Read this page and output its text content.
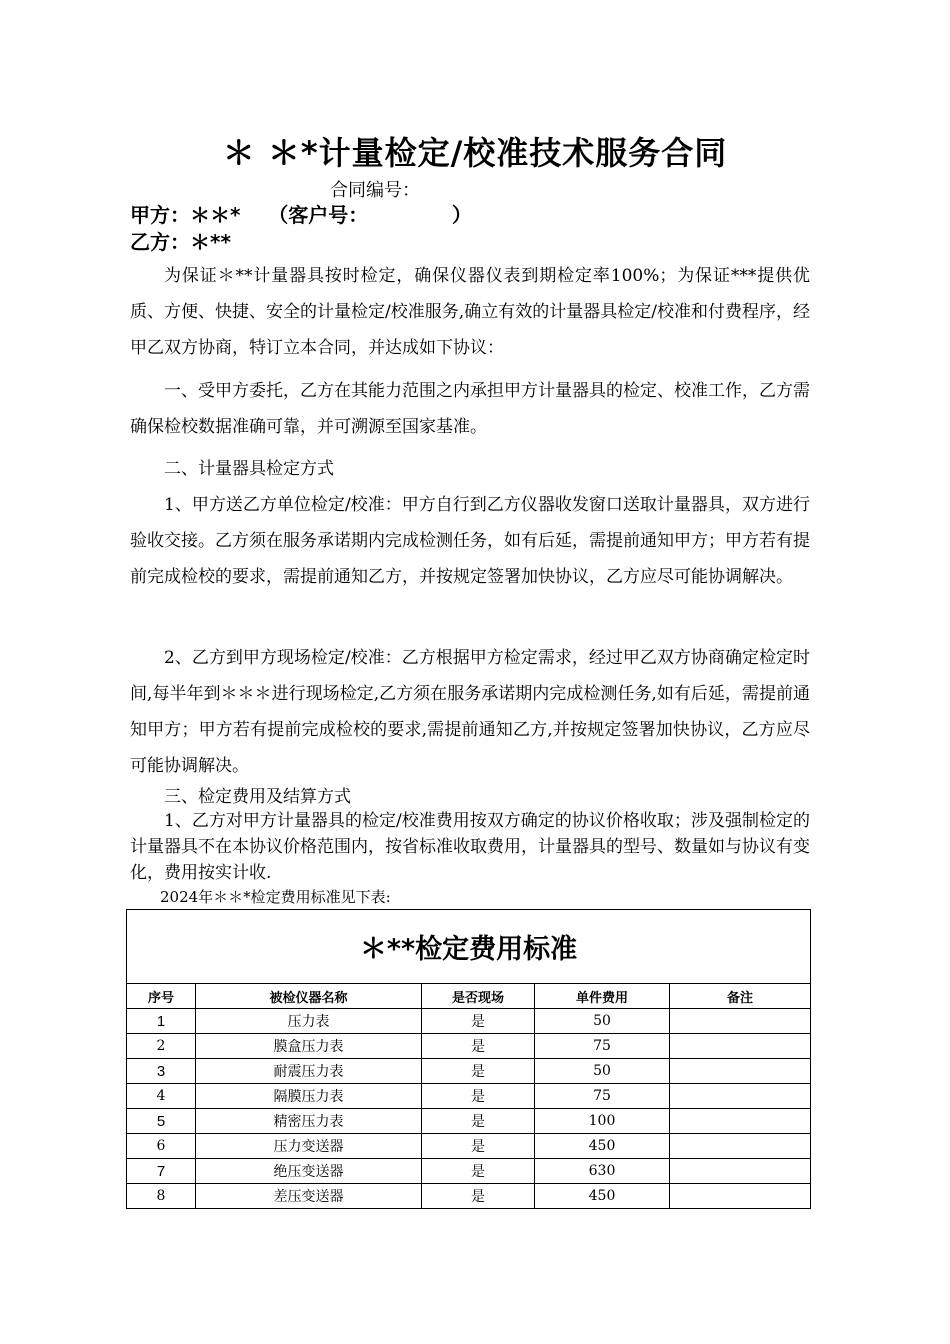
＊ ＊*计量检定/校准技术服务合同
合同编号：
甲方：＊＊*    （客户号：            ）
乙方：＊**

为保证＊**计量器具按时检定，确保仪器仪表到期检定率100%；为保证***提供优质、方便、快捷、安全的计量检定/校准服务,确立有效的计量器具检定/校准和付费程序，经甲乙双方协商，特订立本合同，并达成如下协议：

一、受甲方委托，乙方在其能力范围之内承担甲方计量器具的检定、校准工作，乙方需确保检校数据准确可靠，并可溯源至国家基准。

二、计量器具检定方式

1、甲方送乙方单位检定/校准：甲方自行到乙方仪器收发窗口送取计量器具，双方进行验收交接。乙方须在服务承诺期内完成检测任务，如有后延，需提前通知甲方；甲方若有提前完成检校的要求，需提前通知乙方，并按规定签署加快协议，乙方应尽可能协调解决。

2、乙方到甲方现场检定/校准：乙方根据甲方检定需求，经过甲乙双方协商确定检定时间,每半年到＊＊＊进行现场检定,乙方须在服务承诺期内完成检测任务,如有后延，需提前通知甲方；甲方若有提前完成检校的要求,需提前通知乙方,并按规定签署加快协议，乙方应尽可能协调解决。

三、检定费用及结算方式

1、乙方对甲方计量器具的检定/校准费用按双方确定的协议价格收取；涉及强制检定的计量器具不在本协议价格范围内，按省标准收取费用，计量器具的型号、数量如与协议有变化，费用按实计收.

2024年＊＊*检定费用标准见下表:

＊**检定费用标准				
序号	被检仪器名称	是否现场	单件费用	备注
1	压力表	是	50	
2	膜盒压力表	是	75	
3	耐震压力表	是	50	
4	隔膜压力表	是	75	
5	精密压力表	是	100	
6	压力变送器	是	450	
7	绝压变送器	是	630	
8	差压变送器	是	450	
